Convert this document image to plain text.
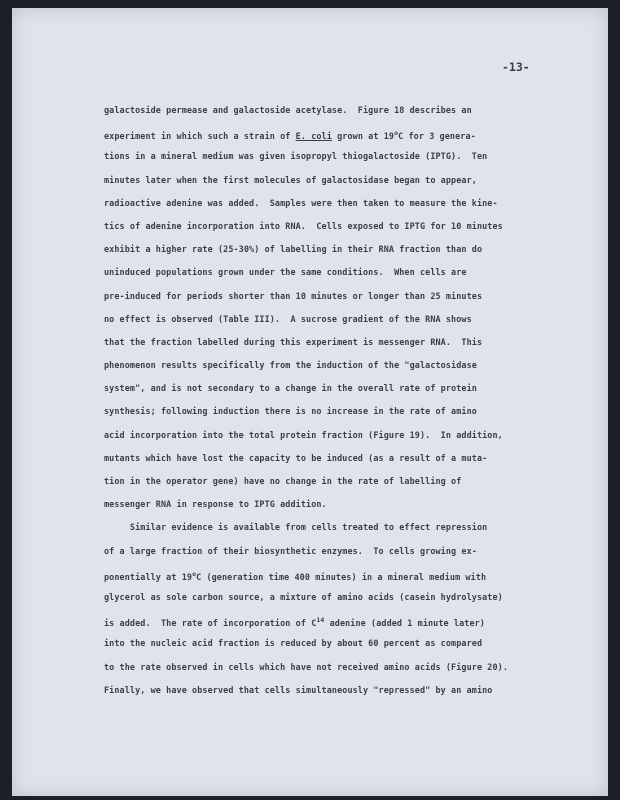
-13-
galactoside permease and galactoside acetylase.  Figure 18 describes an
experiment in which such a strain of E. coli grown at 19$^o$C for 3 genera-
tions in a mineral medium was given isopropyl thiogalactoside (IPTG).  Ten
minutes later when the first molecules of galactosidase began to appear,
radioactive adenine was added.  Samples were then taken to measure the kine-
tics of adenine incorporation into RNA.  Cells exposed to IPTG for 10 minutes
exhibit a higher rate (25-30%) of labelling in their RNA fraction than do
uninduced populations grown under the same conditions.  When cells are
pre-induced for periods shorter than 10 minutes or longer than 25 minutes
no effect is observed (Table III).  A sucrose gradient of the RNA shows
that the fraction labelled during this experiment is messenger RNA.  This
phenomenon results specifically from the induction of the "galactosidase
system", and is not secondary to a change in the overall rate of protein
synthesis; following induction there is no increase in the rate of amino
acid incorporation into the total protein fraction (Figure 19).  In addition,
mutants which have lost the capacity to be induced (as a result of a muta-
tion in the operator gene) have no change in the rate of labelling of
messenger RNA in response to IPTG addition.
Similar evidence is available from cells treated to effect repression
of a large fraction of their biosynthetic enzymes.  To cells growing ex-
ponentially at 19$^o$C (generation time 400 minutes) in a mineral medium with
glycerol as sole carbon source, a mixture of amino acids (casein hydrolysate)
is added.  The rate of incorporation of $C^{14}$ adenine (added 1 minute later)
into the nucleic acid fraction is reduced by about 60 percent as compared
to the rate observed in cells which have not received amino acids (Figure 20).
Finally, we have observed that cells simultaneously "repressed" by an amino
